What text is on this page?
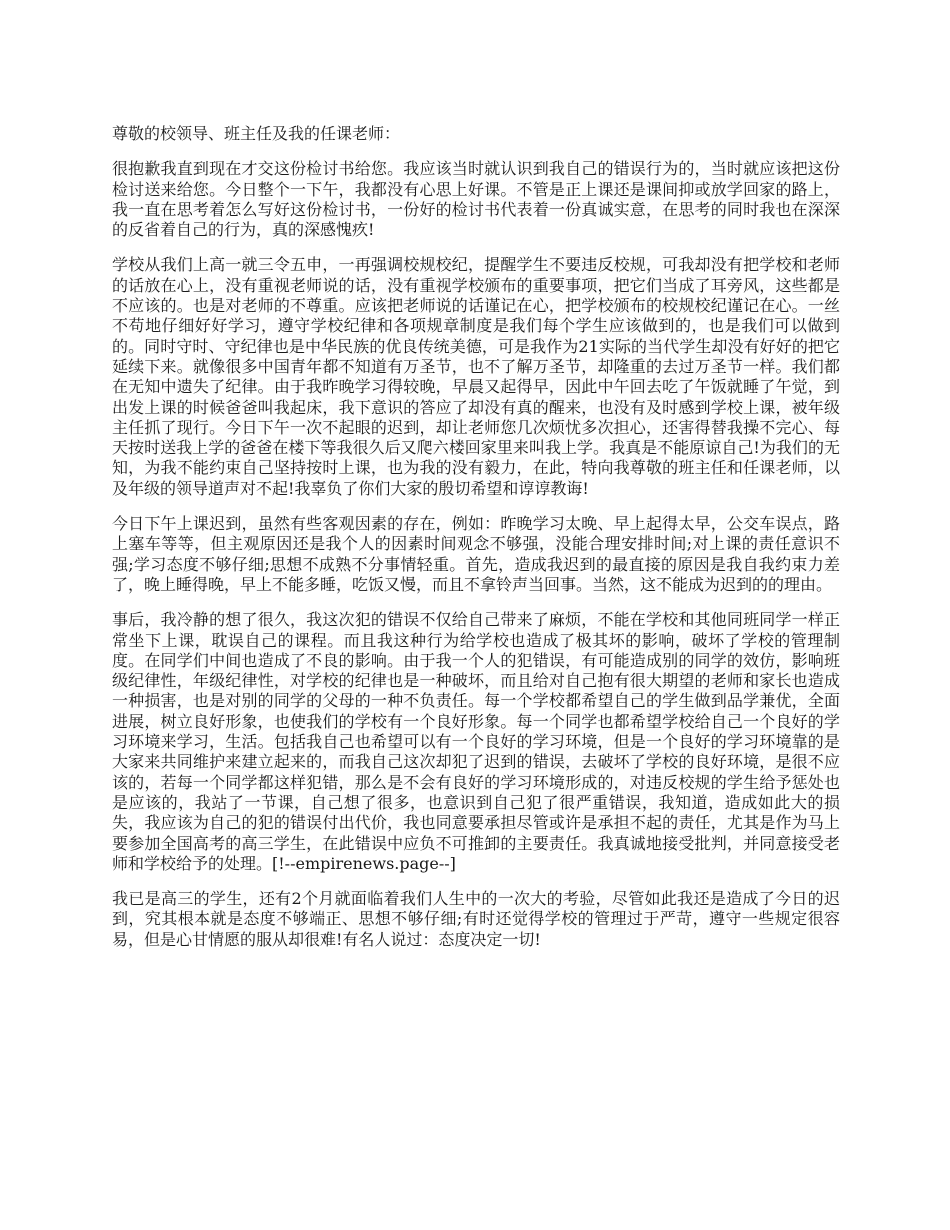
尊敬的校领导、班主任及我的任课老师：

很抱歉我直到现在才交这份检讨书给您。我应该当时就认识到我自己的错误行为的，当时就应该把这份检讨送来给您。今日整个一下午，我都没有心思上好课。不管是正上课还是课间抑或放学回家的路上，我一直在思考着怎么写好这份检讨书，一份好的检讨书代表着一份真诚实意，在思考的同时我也在深深的反省着自己的行为，真的深感愧疚!

学校从我们上高一就三令五申，一再强调校规校纪，提醒学生不要违反校规，可我却没有把学校和老师的话放在心上，没有重视老师说的话，没有重视学校颁布的重要事项，把它们当成了耳旁风，这些都是不应该的。也是对老师的不尊重。应该把老师说的话谨记在心，把学校颁布的校规校纪谨记在心。一丝不苟地仔细好好学习，遵守学校纪律和各项规章制度是我们每个学生应该做到的，也是我们可以做到的。同时守时、守纪律也是中华民族的优良传统美德，可是我作为21实际的当代学生却没有好好的把它延续下来。就像很多中国青年都不知道有万圣节，也不了解万圣节，却隆重的去过万圣节一样。我们都在无知中遗失了纪律。由于我昨晚学习得较晚，早晨又起得早，因此中午回去吃了午饭就睡了午觉，到出发上课的时候爸爸叫我起床，我下意识的答应了却没有真的醒来，也没有及时感到学校上课，被年级主任抓了现行。今日下午一次不起眼的迟到，却让老师您几次烦忧多次担心，还害得替我操不完心、每天按时送我上学的爸爸在楼下等我很久后又爬六楼回家里来叫我上学。我真是不能原谅自己!为我们的无知，为我不能约束自己坚持按时上课，也为我的没有毅力，在此，特向我尊敬的班主任和任课老师，以及年级的领导道声对不起!我辜负了你们大家的殷切希望和谆谆教诲!

今日下午上课迟到，虽然有些客观因素的存在，例如：昨晚学习太晚、早上起得太早，公交车误点，路上塞车等等，但主观原因还是我个人的因素时间观念不够强，没能合理安排时间;对上课的责任意识不强;学习态度不够仔细;思想不成熟不分事情轻重。首先，造成我迟到的最直接的原因是我自我约束力差了，晚上睡得晚，早上不能多睡，吃饭又慢，而且不拿铃声当回事。当然，这不能成为迟到的的理由。

事后，我冷静的想了很久，我这次犯的错误不仅给自己带来了麻烦，不能在学校和其他同班同学一样正常坐下上课，耽误自己的课程。而且我这种行为给学校也造成了极其坏的影响，破坏了学校的管理制度。在同学们中间也造成了不良的影响。由于我一个人的犯错误，有可能造成别的同学的效仿，影响班级纪律性，年级纪律性，对学校的纪律也是一种破坏，而且给对自己抱有很大期望的老师和家长也造成一种损害，也是对别的同学的父母的一种不负责任。每一个学校都希望自己的学生做到品学兼优，全面进展，树立良好形象，也使我们的学校有一个良好形象。每一个同学也都希望学校给自己一个良好的学习环境来学习，生活。包括我自己也希望可以有一个良好的学习环境，但是一个良好的学习环境靠的是大家来共同维护来建立起来的，而我自己这次却犯了迟到的错误，去破坏了学校的良好环境，是很不应该的，若每一个同学都这样犯错，那么是不会有良好的学习环境形成的，对违反校规的学生给予惩处也是应该的，我站了一节课，自己想了很多，也意识到自己犯了很严重错误，我知道，造成如此大的损失，我应该为自己的犯的错误付出代价，我也同意要承担尽管或许是承担不起的责任，尤其是作为马上要参加全国高考的高三学生，在此错误中应负不可推卸的主要责任。我真诚地接受批判，并同意接受老师和学校给予的处理。[!--empirenews.page--]

我已是高三的学生，还有2个月就面临着我们人生中的一次大的考验，尽管如此我还是造成了今日的迟到，究其根本就是态度不够端正、思想不够仔细;有时还觉得学校的管理过于严苛，遵守一些规定很容易，但是心甘情愿的服从却很难!有名人说过：态度决定一切!
